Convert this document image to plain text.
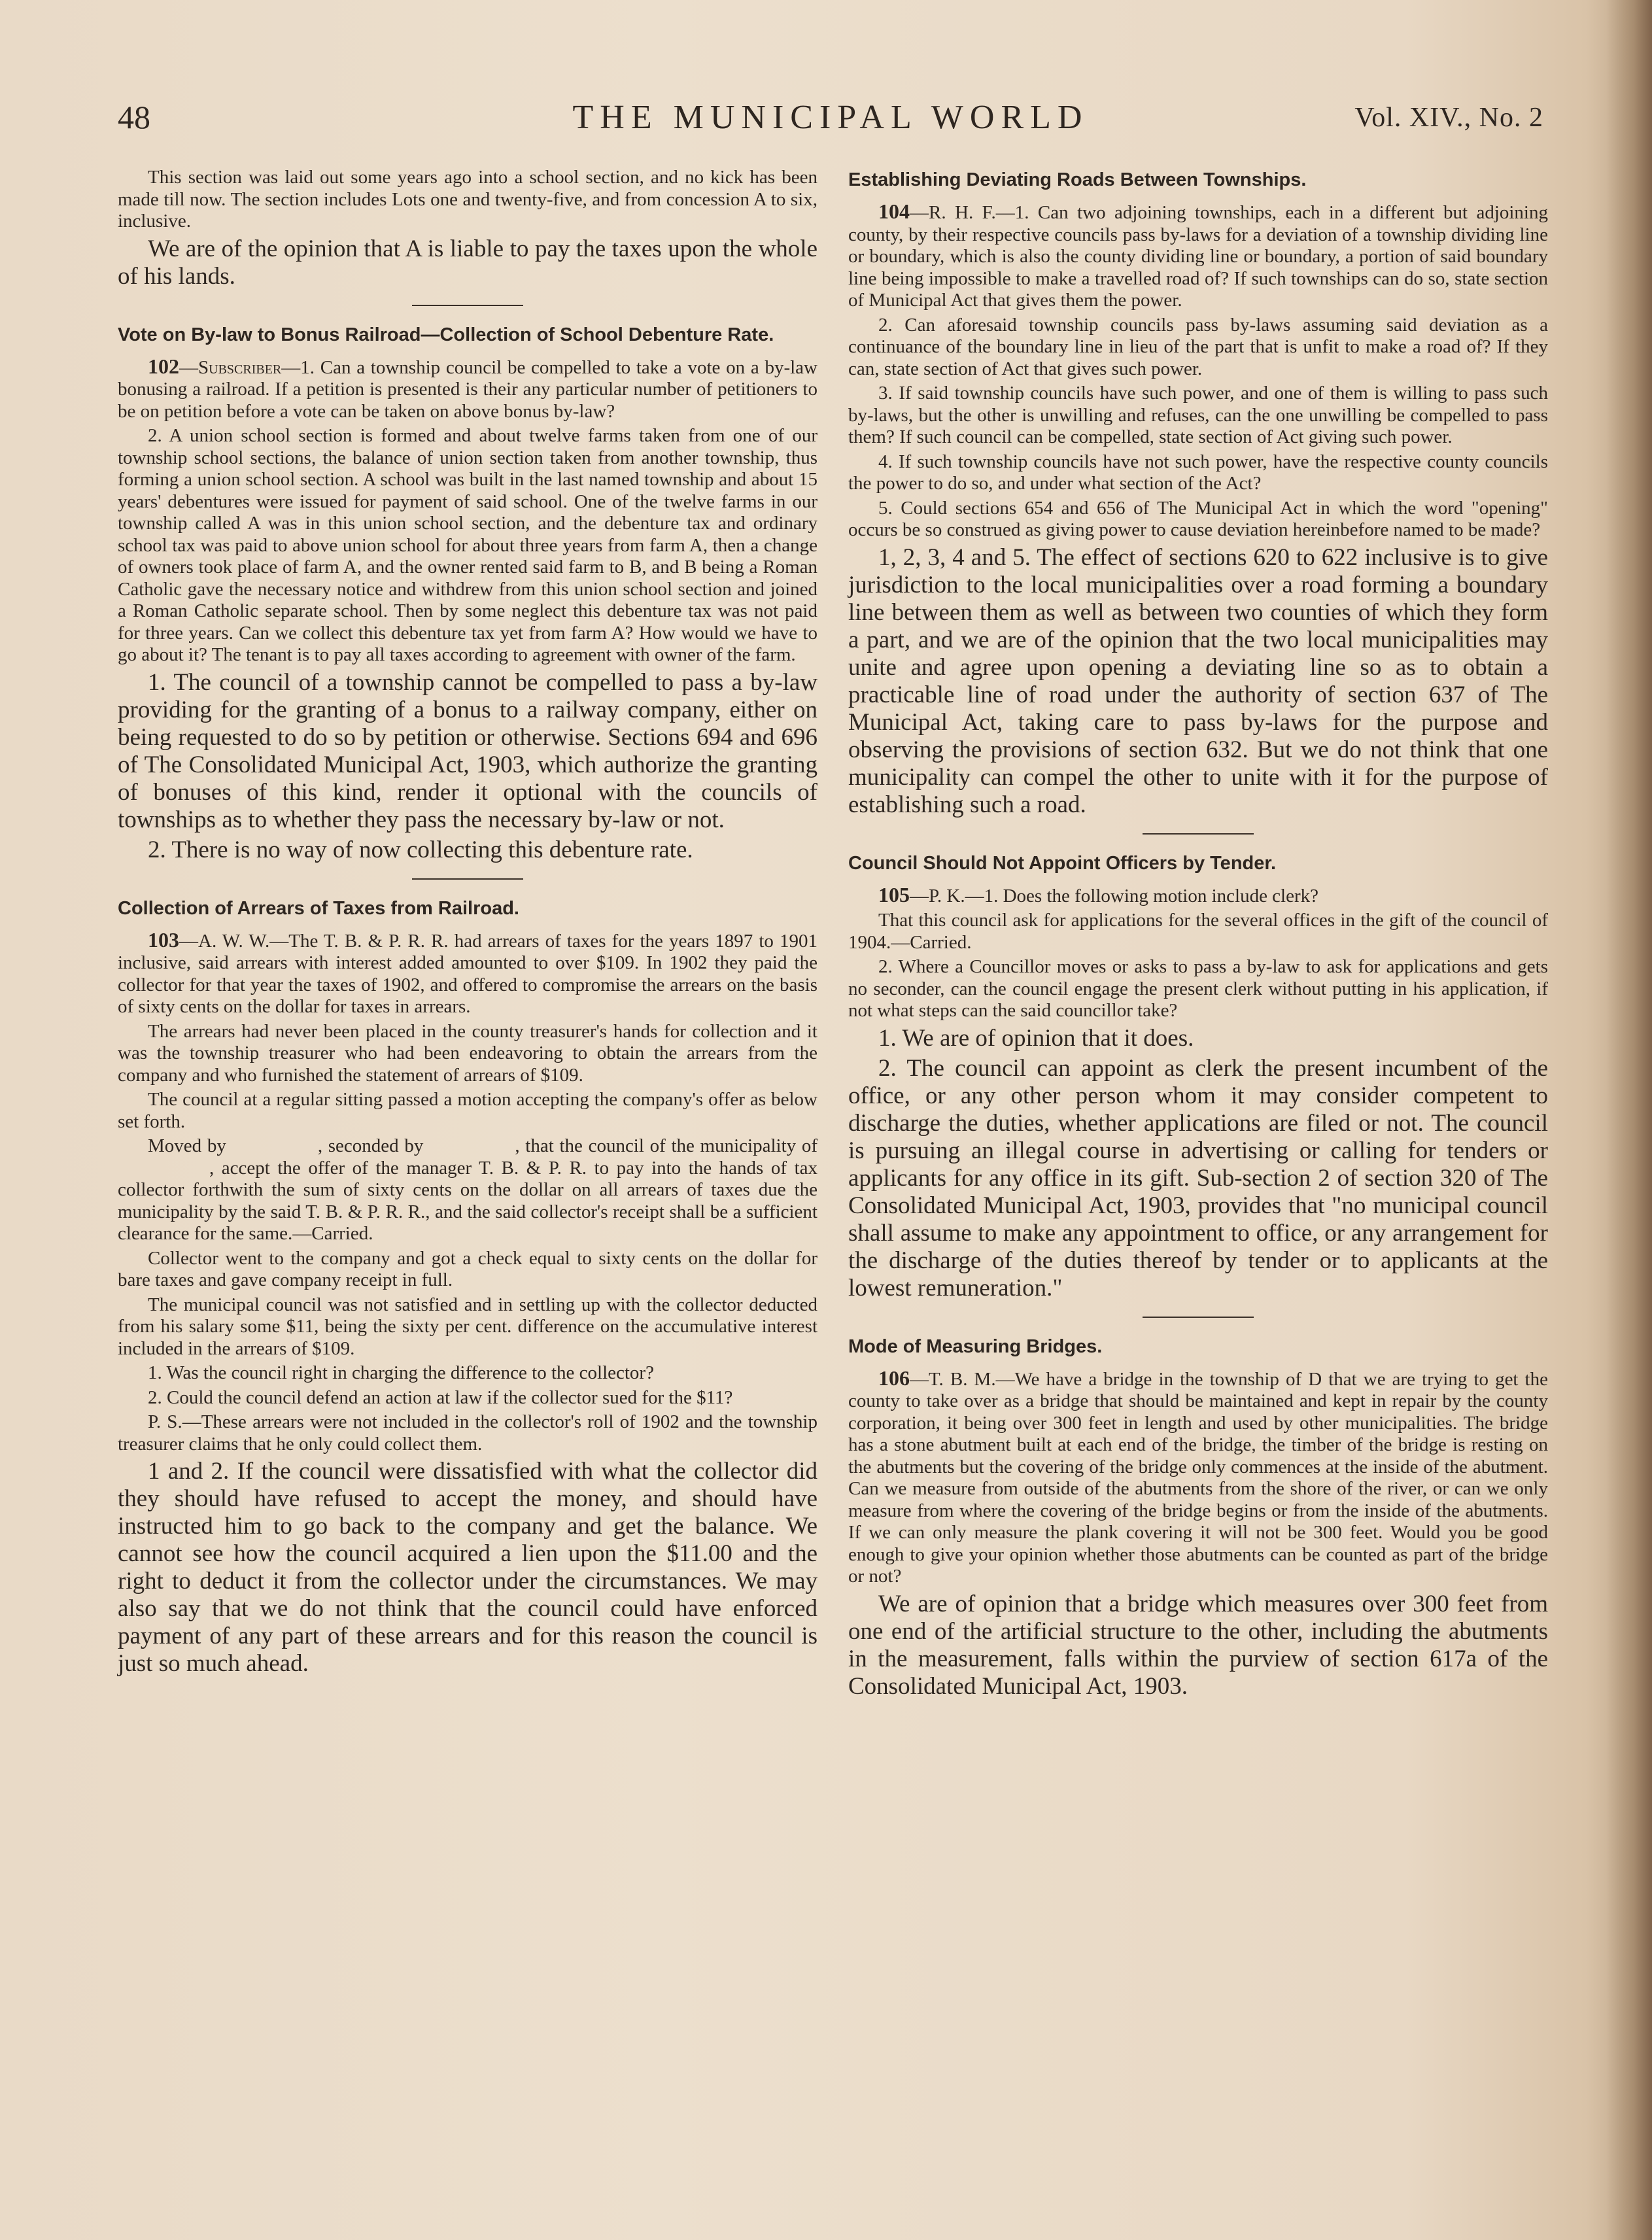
48	THE MUNICIPAL WORLD	Vol. XIV., No. 2

This section was laid out some years ago into a school section, and no kick has been made till now. The section includes Lots one and twenty-five, and from concession A to six, inclusive.

We are of the opinion that A is liable to pay the taxes upon the whole of his lands.

Vote on By-law to Bonus Railroad—Collection of School Debenture Rate.

102—Subscriber—1. Can a township council be compelled to take a vote on a by-law bonusing a railroad. If a petition is presented is their any particular number of petitioners to be on petition before a vote can be taken on above bonus by-law?

2. A union school section is formed and about twelve farms taken from one of our township school sections, the balance of union section taken from another township, thus forming a union school section. A school was built in the last named township and about 15 years' debentures were issued for payment of said school. One of the twelve farms in our township called A was in this union school section, and the debenture tax and ordinary school tax was paid to above union school for about three years from farm A, then a change of owners took place of farm A, and the owner rented said farm to B, and B being a Roman Catholic gave the necessary notice and withdrew from this union school section and joined a Roman Catholic separate school. Then by some neglect this debenture tax was not paid for three years. Can we collect this debenture tax yet from farm A? How would we have to go about it? The tenant is to pay all taxes according to agreement with owner of the farm.

1. The council of a township cannot be compelled to pass a by-law providing for the granting of a bonus to a railway company, either on being requested to do so by petition or otherwise. Sections 694 and 696 of The Consolidated Municipal Act, 1903, which authorize the granting of bonuses of this kind, render it optional with the councils of townships as to whether they pass the necessary by-law or not.

2. There is no way of now collecting this debenture rate.

Collection of Arrears of Taxes from Railroad.

103—A. W. W.—The T. B. & P. R. R. had arrears of taxes for the years 1897 to 1901 inclusive, said arrears with interest added amounted to over $109. In 1902 they paid the collector for that year the taxes of 1902, and offered to compromise the arrears on the basis of sixty cents on the dollar for taxes in arrears.

The arrears had never been placed in the county treasurer's hands for collection and it was the township treasurer who had been endeavoring to obtain the arrears from the company and who furnished the statement of arrears of $109.

The council at a regular sitting passed a motion accepting the company's offer as below set forth.

Moved by	, seconded by	, that the council of the municipality of, accept the offer of the manager T. B. & P. R. to pay into the hands of tax collector forthwith the sum of sixty cents on the dollar on all arrears of taxes due the municipality by the said T. B. & P. R. R., and the said collector's receipt shall be a sufficient clearance for the same.—Carried.

Collector went to the company and got a check equal to sixty cents on the dollar for bare taxes and gave company receipt in full.

The municipal council was not satisfied and in settling up with the collector deducted from his salary some $11, being the sixty per cent. difference on the accumulative interest included in the arrears of $109.

1. Was the council right in charging the difference to the collector?

2. Could the council defend an action at law if the collector sued for the $11?

P. S.—These arrears were not included in the collector's roll of 1902 and the township treasurer claims that he only could collect them.

1 and 2. If the council were dissatisfied with what the collector did they should have refused to accept the money, and should have instructed him to go back to the company and get the balance. We cannot see how the council acquired a lien upon the $11.00 and the right to deduct it from the collector under the circumstances. We may also say that we do not think that the council could have enforced payment of any part of these arrears and for this reason the council is just so much ahead.

Establishing Deviating Roads Between Townships.

104—R. H. F.—1. Can two adjoining townships, each in a different but adjoining county, by their respective councils pass by-laws for a deviation of a township dividing line or boundary, which is also the county dividing line or boundary, a portion of said boundary line being impossible to make a travelled road of? If such townships can do so, state section of Municipal Act that gives them the power.

2. Can aforesaid township councils pass by-laws assuming said deviation as a continuance of the boundary line in lieu of the part that is unfit to make a road of? If they can, state section of Act that gives such power.

3. If said township councils have such power, and one of them is willing to pass such by-laws, but the other is unwilling and refuses, can the one unwilling be compelled to pass them? If such council can be compelled, state section of Act giving such power.

4. If such township councils have not such power, have the respective county councils the power to do so, and under what section of the Act?

5. Could sections 654 and 656 of The Municipal Act in which the word "opening" occurs be so construed as giving power to cause deviation hereinbefore named to be made?

1, 2, 3, 4 and 5. The effect of sections 620 to 622 inclusive is to give jurisdiction to the local municipalities over a road forming a boundary line between them as well as between two counties of which they form a part, and we are of the opinion that the two local municipalities may unite and agree upon opening a deviating line so as to obtain a practicable line of road under the authority of section 637 of The Municipal Act, taking care to pass by-laws for the purpose and observing the provisions of section 632. But we do not think that one municipality can compel the other to unite with it for the purpose of establishing such a road.

Council Should Not Appoint Officers by Tender.

105—P. K.—1. Does the following motion include clerk?

That this council ask for applications for the several offices in the gift of the council of 1904.—Carried.

2. Where a Councillor moves or asks to pass a by-law to ask for applications and gets no seconder, can the council engage the present clerk without putting in his application, if not what steps can the said councillor take?

1. We are of opinion that it does.

2. The council can appoint as clerk the present incumbent of the office, or any other person whom it may consider competent to discharge the duties, whether applications are filed or not. The council is pursuing an illegal course in advertising or calling for tenders or applicants for any office in its gift. Sub-section 2 of section 320 of The Consolidated Municipal Act, 1903, provides that "no municipal council shall assume to make any appointment to office, or any arrangement for the discharge of the duties thereof by tender or to applicants at the lowest remuneration."

Mode of Measuring Bridges.

106—T. B. M.—We have a bridge in the township of D that we are trying to get the county to take over as a bridge that should be maintained and kept in repair by the county corporation, it being over 300 feet in length and used by other municipalities. The bridge has a stone abutment built at each end of the bridge, the timber of the bridge is resting on the abutments but the covering of the bridge only commences at the inside of the abutment. Can we measure from outside of the abutments from the shore of the river, or can we only measure from where the covering of the bridge begins or from the inside of the abutments. If we can only measure the plank covering it will not be 300 feet. Would you be good enough to give your opinion whether those abutments can be counted as part of the bridge or not?

We are of opinion that a bridge which measures over 300 feet from one end of the artificial structure to the other, including the abutments in the measurement, falls within the purview of section 617a of the Consolidated Municipal Act, 1903.
